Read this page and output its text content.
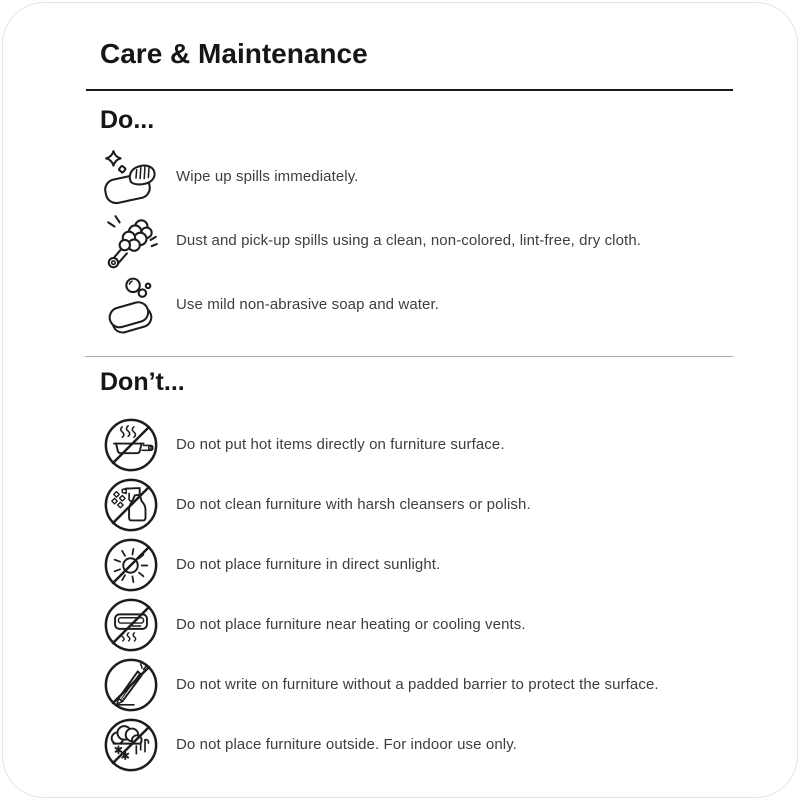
Care & Maintenance
Do...
Wipe up spills immediately.
Dust and pick-up spills using a clean, non-colored, lint-free, dry cloth.
Use mild non-abrasive soap and water.
Don’t...
Do not put hot items directly on furniture surface.
Do not clean furniture with harsh cleansers or polish.
Do not place furniture in direct sunlight.
Do not place furniture near heating or cooling vents.
Do not write on furniture without a padded barrier to protect the surface.
Do not place furniture outside. For indoor use only.
